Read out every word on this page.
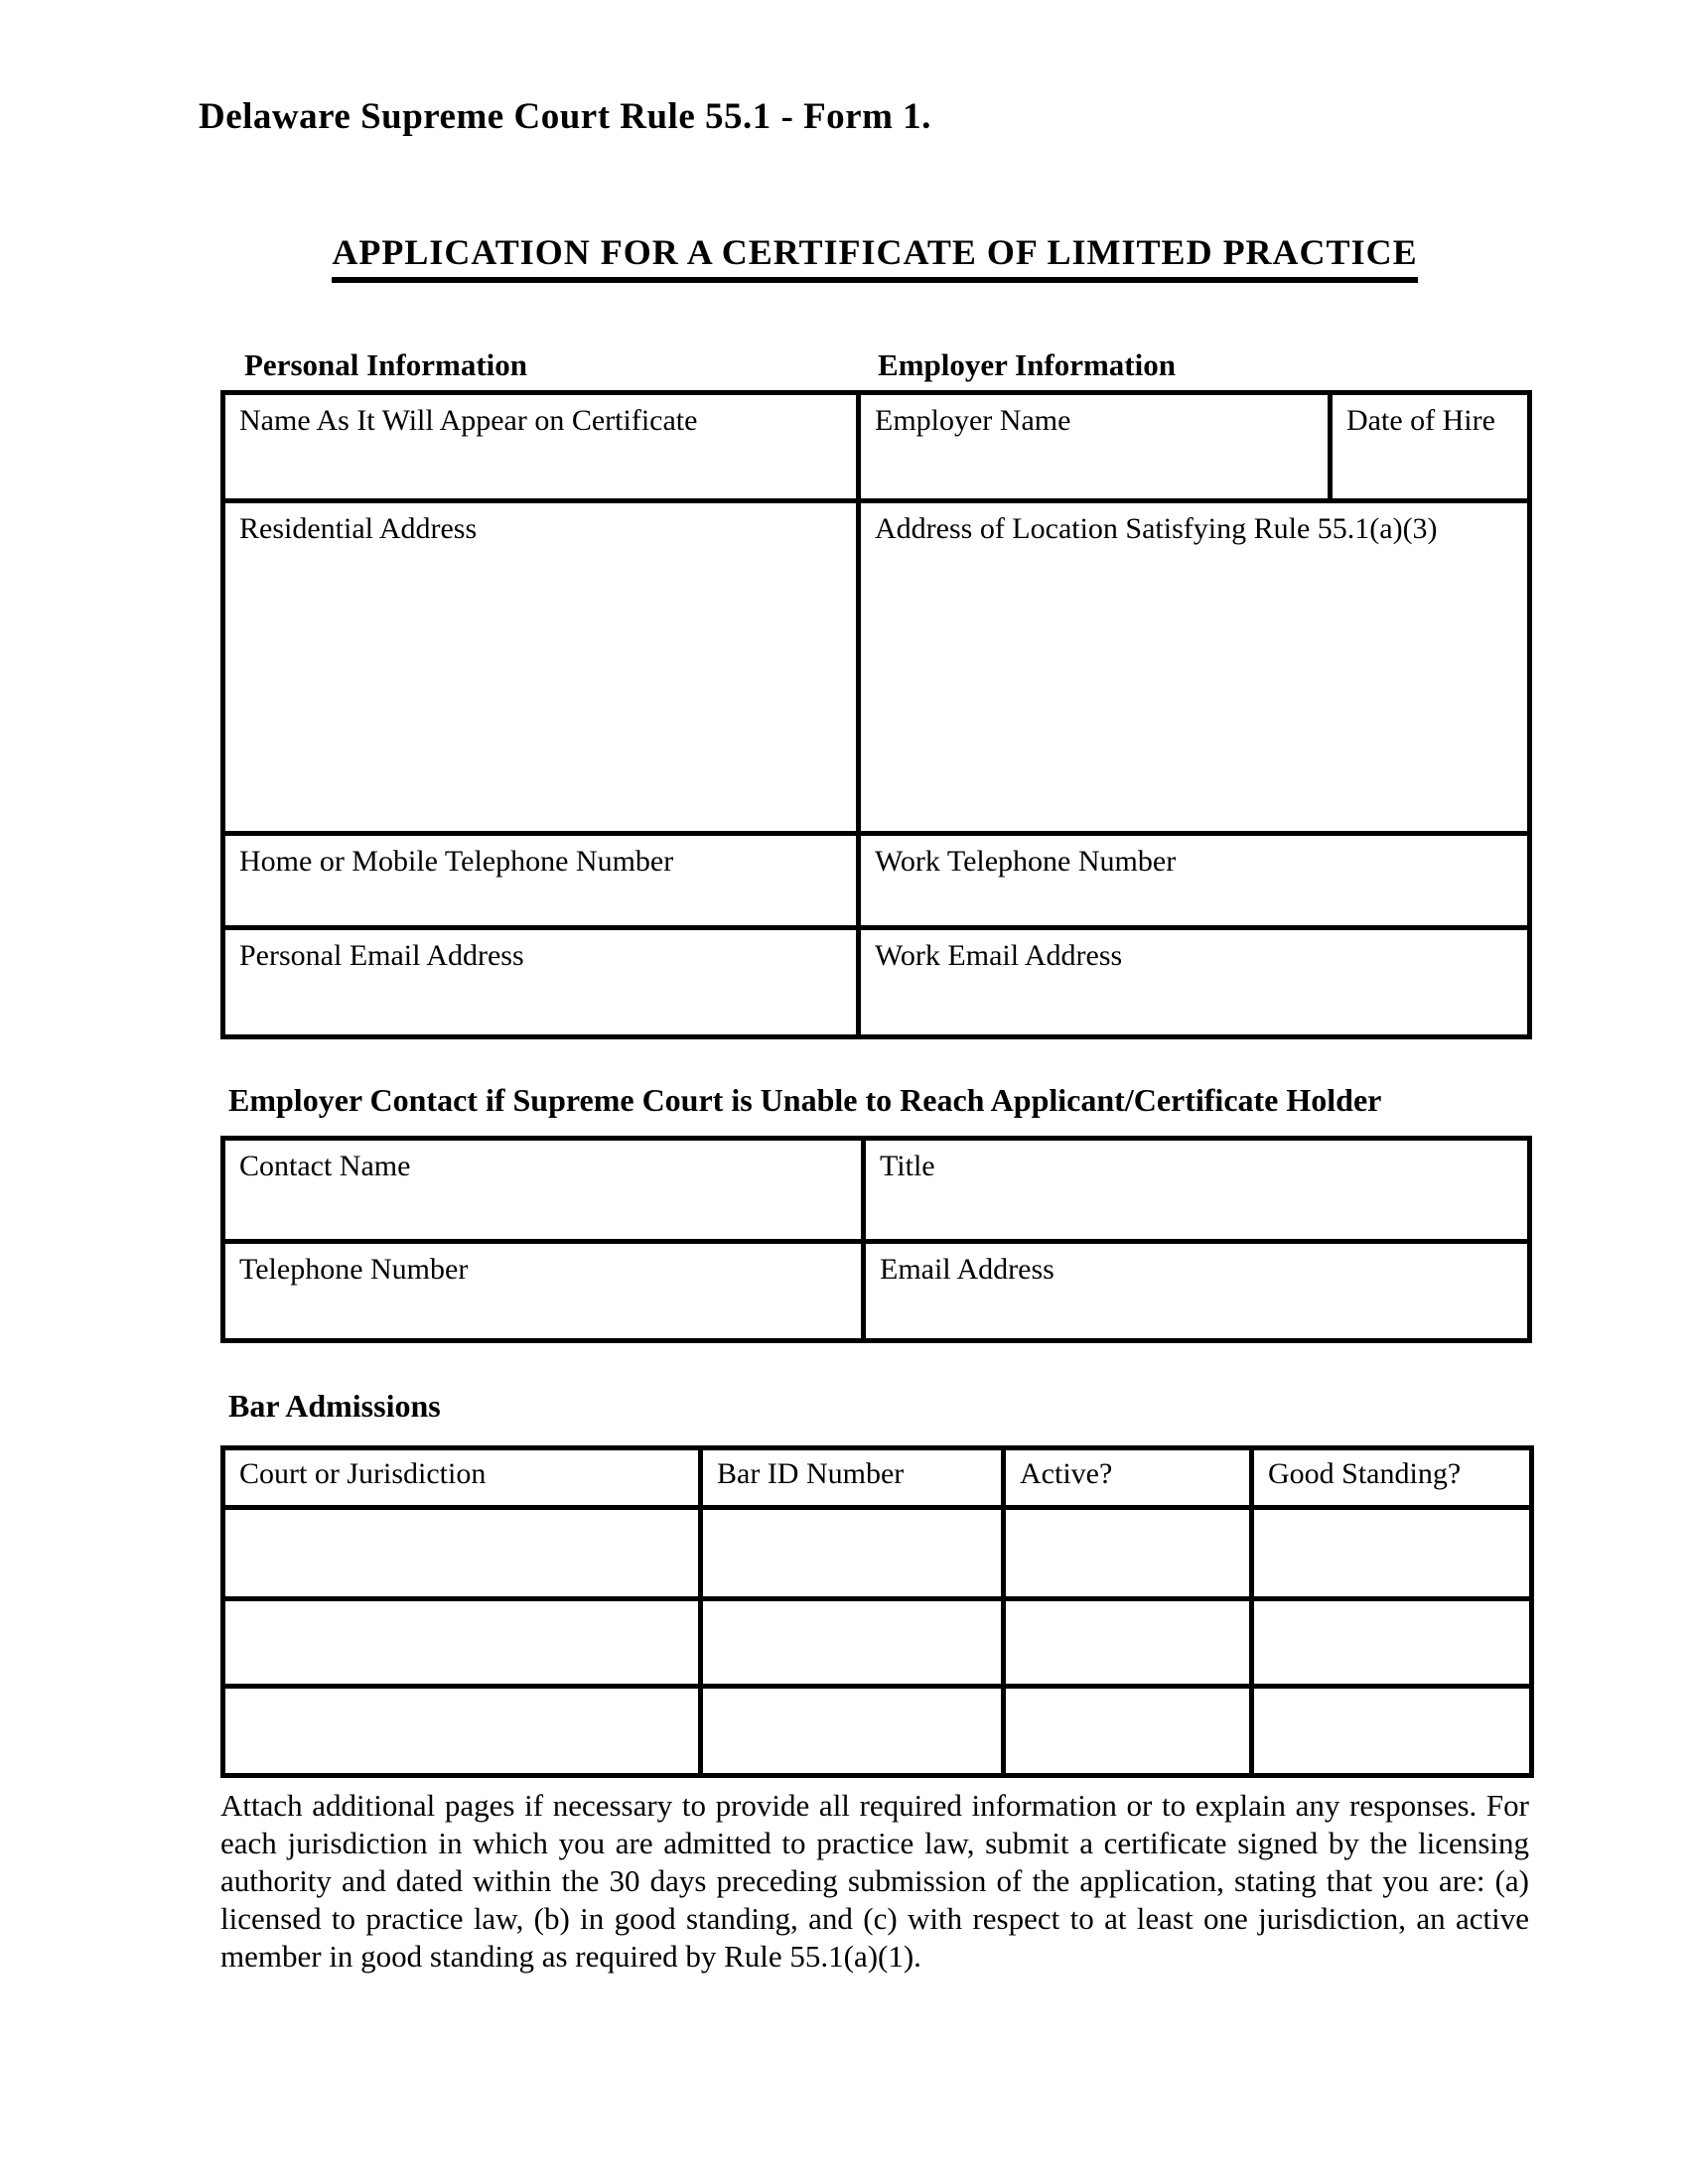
Delaware Supreme Court Rule 55.1 - Form 1.
APPLICATION FOR A CERTIFICATE OF LIMITED PRACTICE
Personal Information	Employer Information
Name As It Will Appear on Certificate	Employer Name	Date of Hire
Residential Address	Address of Location Satisfying Rule 55.1(a)(3)	
Home or Mobile Telephone Number	Work Telephone Number	
Personal Email Address	Work Email Address	
Employer Contact if Supreme Court is Unable to Reach Applicant/Certificate Holder
Contact Name	Title
Telephone Number	Email Address
Bar Admissions
Court or Jurisdiction	Bar ID Number	Active?	Good Standing?

Attach additional pages if necessary to provide all required information or to explain any responses. For each jurisdiction in which you are admitted to practice law, submit a certificate signed by the licensing authority and dated within the 30 days preceding submission of the application, stating that you are: (a) licensed to practice law, (b) in good standing, and (c) with respect to at least one jurisdiction, an active member in good standing as required by Rule 55.1(a)(1).
